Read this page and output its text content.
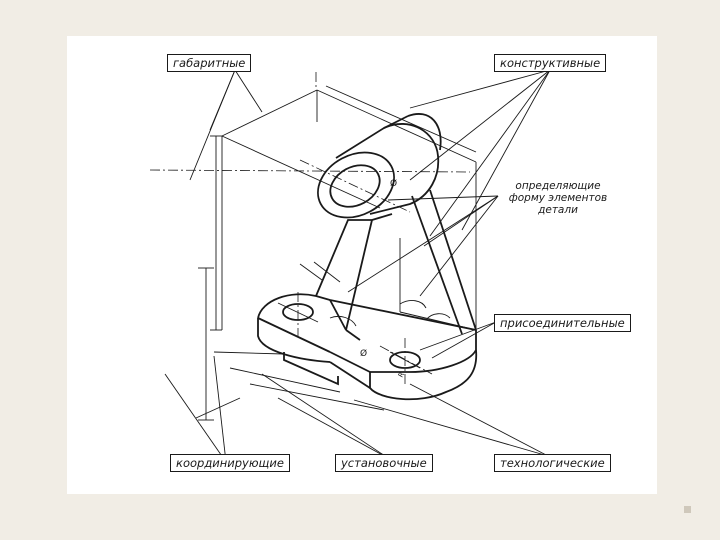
Ø
Ø
R
габаритные	конструктивные
определяющие
форму элементов
детали
присоединительные
координирующие	установочные	технологические
